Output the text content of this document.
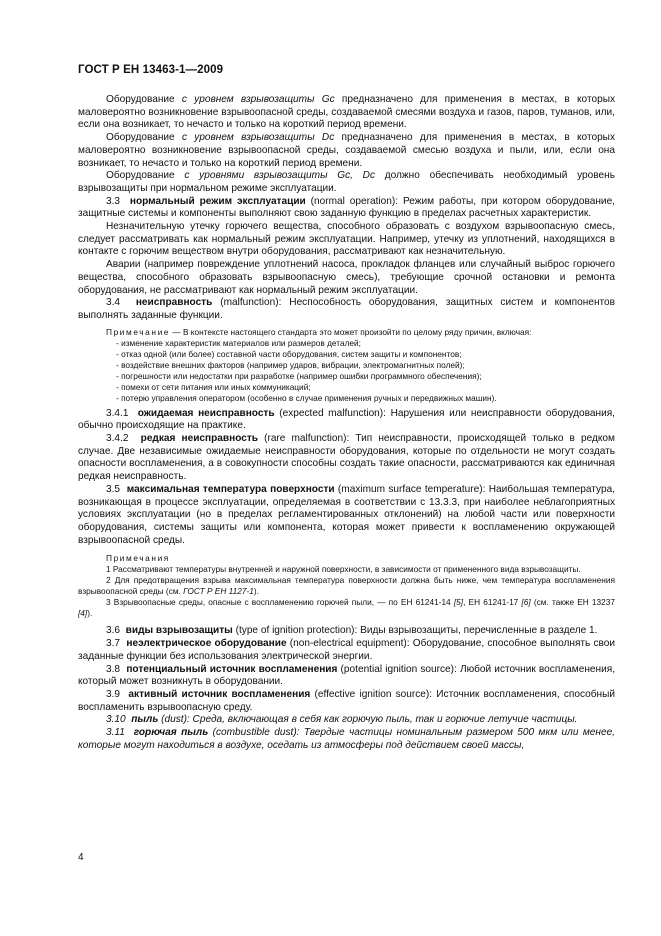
ГОСТ Р ЕН 13463-1—2009

Оборудование с уровнем взрывозащиты Gc предназначено для применения в местах, в которых маловероятно возникновение взрывоопасной среды, создаваемой смесями воздуха и газов, паров, туманов, или, если она возникает, то нечасто и только на короткий период времени.

Оборудование с уровнем взрывозащиты Dc предназначено для применения в местах, в которых маловероятно возникновение взрывоопасной среды, создаваемой смесью воздуха и пыли, или, если она возникает, то нечасто и только на короткий период времени.

Оборудование с уровнями взрывозащиты Gc, Dc должно обеспечивать необходимый уровень взрывозащиты при нормальном режиме эксплуатации.

3.3 нормальный режим эксплуатации (normal operation): Режим работы, при котором оборудование, защитные системы и компоненты выполняют свою заданную функцию в пределах расчетных характеристик.

Незначительную утечку горючего вещества, способного образовать с воздухом взрывоопасную смесь, следует рассматривать как нормальный режим эксплуатации. Например, утечку из уплотнений, находящихся в контакте с горючим веществом внутри оборудования, рассматривают как незначительную.

Аварии (например повреждение уплотнений насоса, прокладок фланцев или случайный выброс горючего вещества, способного образовать взрывоопасную смесь), требующие срочной остановки и ремонта оборудования, не рассматривают как нормальный режим эксплуатации.

3.4 неисправность (malfunction): Неспособность оборудования, защитных систем и компонентов выполнять заданные функции.

Примечание — В контексте настоящего стандарта это может произойти по целому ряду причин, включая:

- изменение характеристик материалов или размеров деталей;

- отказ одной (или более) составной части оборудования, систем защиты и компонентов;

- воздействие внешних факторов (например ударов, вибрации, электромагнитных полей);

- погрешности или недостатки при разработке (например ошибки программного обеспечения);

- помехи от сети питания или иных коммуникаций;

- потерю управления оператором (особенно в случае применения ручных и передвижных машин).

3.4.1 ожидаемая неисправность (expected malfunction): Нарушения или неисправности оборудования, обычно происходящие на практике.

3.4.2 редкая неисправность (rare malfunction): Тип неисправности, происходящей только в редком случае. Две независимые ожидаемые неисправности оборудования, которые по отдельности не могут создать опасности воспламенения, а в совокупности способны создать такие опасности, рассматриваются как единичная редкая неисправность.

3.5 максимальная температура поверхности (maximum surface temperature): Наибольшая температура, возникающая в процессе эксплуатации, определяемая в соответствии с 13.3.3, при наиболее неблагоприятных условиях эксплуатации (но в пределах регламентированных отклонений) на любой части или поверхности оборудования, системы защиты или компонента, которая может привести к воспламенению окружающей взрывоопасной среды.

Примечания

1 Рассматривают температуры внутренней и наружной поверхности, в зависимости от примененного вида взрывозащиты.

2 Для предотвращения взрыва максимальная температура поверхности должна быть ниже, чем температура воспламенения взрывоопасной среды (см. ГОСТ Р ЕН 1127-1).

3 Взрывоопасные среды, опасные с воспламенению горючей пыли, — по ЕН 61241-14 [5], ЕН 61241-17 [6] (см. также ЕН 13237 [4]).

3.6 виды взрывозащиты (type of ignition protection): Виды взрывозащиты, перечисленные в разделе 1.

3.7 неэлектрическое оборудование (non-electrical equipment): Оборудование, способное выполнять свои заданные функции без использования электрической энергии.

3.8 потенциальный источник воспламенения (potential ignition source): Любой источник воспламенения, который может возникнуть в оборудовании.

3.9 активный источник воспламенения (effective ignition source): Источник воспламенения, способный воспламенить взрывоопасную среду.

3.10 пыль (dust): Среда, включающая в себя как горючую пыль, так и горючие летучие частицы.

3.11 горючая пыль (combustible dust): Твердые частицы номинальным размером 500 мкм или менее, которые могут находиться в воздухе, оседать из атмосферы под действием своей массы,

4
